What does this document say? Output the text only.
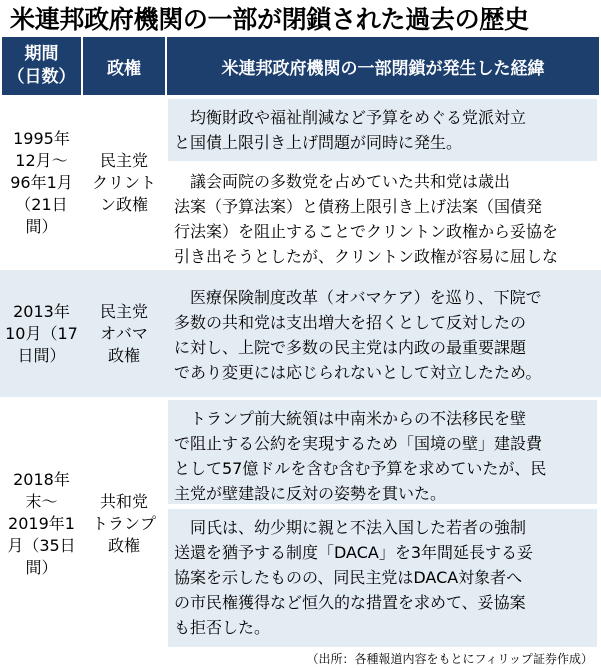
米連邦政府機関の一部が閉鎖された過去の歴史
期間
（日数） 政権	米連邦政府機関の一部閉鎖が発生した経緯
1995年
12月～
96年1月
（21日
間）
民主党
クリント
ン政権
　均衡財政や福祉削減など予算をめぐる党派対立
と国債上限引き上げ問題が同時に発生。
　議会両院の多数党を占めていた共和党は歳出
法案（予算法案）と債務上限引き上げ法案（国債発
行法案）を阻止することでクリントン政権から妥協を
引き出そうとしたが、クリントン政権が容易に屈しな
2013年
10月（17
日間）
民主党
オバマ
政権
　医療保険制度改革（オバマケア）を巡り、下院で
多数の共和党は支出増大を招くとして反対したの
に対し、上院で多数の民主党は内政の最重要課題
であり変更には応じられないとして対立したため。
2018年
末～
2019年1
月（35日
間）
共和党
トランプ
政権
　トランプ前大統領は中南米からの不法移民を壁
で阻止する公約を実現するため「国境の壁」建設費
として57億ドルを含む含む予算を求めていたが、民
主党が壁建設に反対の姿勢を貫いた。
　同氏は、幼少期に親と不法入国した若者の強制
送還を猶予する制度「DACA」を3年間延長する妥
協案を示したものの、同民主党はDACA対象者へ
の市民権獲得など恒久的な措置を求めて、妥協案
も拒否した。
（出所：各種報道内容をもとにフィリップ証券作成）
